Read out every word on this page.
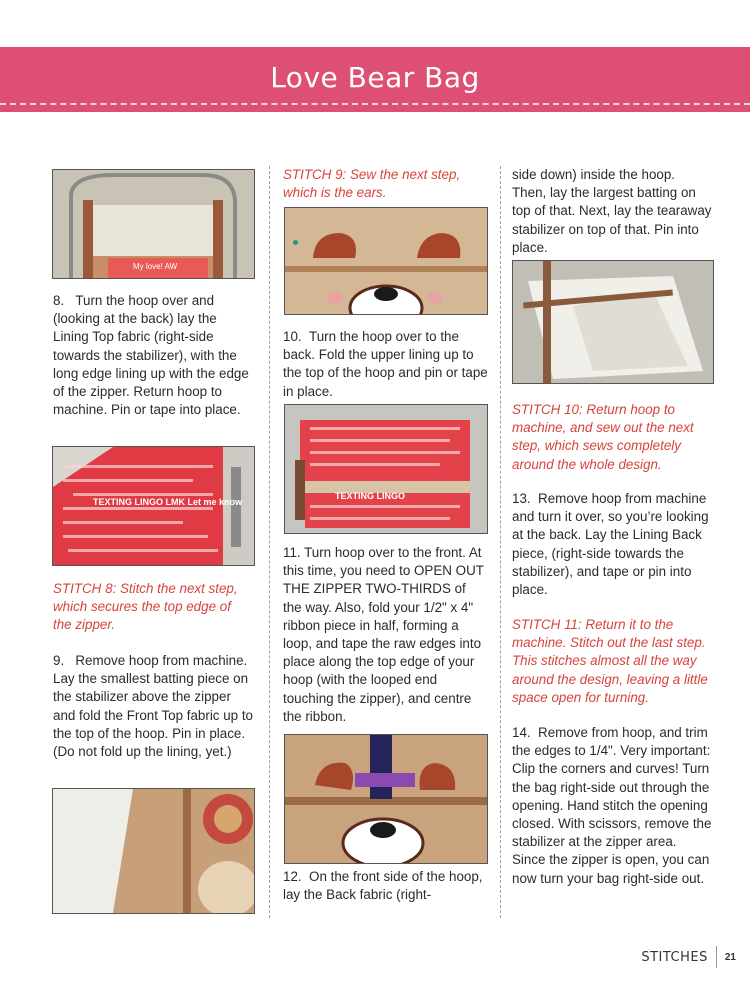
Love Bear Bag
My love! AW
TEXTING LINGO LMK Let me know

8.   Turn the hoop over and (looking at the back) lay the Lining Top fabric (right-side towards the stabilizer), with the long edge lining up with the edge of the zipper. Return hoop to machine. Pin or tape into place.

STITCH 8: Stitch the next step, which secures the top edge of the zipper.

9.   Remove hoop from machine. Lay the smallest batting piece on the stabilizer above the zipper and fold the Front Top fabric up to the top of the hoop. Pin in place. (Do not fold up the lining, yet.)

STITCH 9: Sew the next step, which is the ears.

10.  Turn the hoop over to the back. Fold the upper lining up to the top of the hoop and pin or tape in place.

11. Turn hoop over to the front. At this time, you need to OPEN OUT THE ZIPPER TWO-THIRDS of the way. Also, fold your 1/2" x 4" ribbon piece in half, forming a loop, and tape the raw edges into place along the top edge of your hoop (with the looped end touching the zipper), and centre the ribbon.

12.  On the front side of the hoop, lay the Back fabric (right-

TEXTING LINGO

side down) inside the hoop. Then, lay the largest batting on top of that. Next, lay the tearaway stabilizer on top of that. Pin into place.

STITCH 10: Return hoop to machine, and sew out the next step, which sews completely around the whole design.

13.  Remove hoop from machine and turn it over, so you’re looking at the back. Lay the Lining Back piece, (right-side towards the stabilizer), and tape or pin into place.

STITCH 11: Return it to the machine. Stitch out the last step. This stitches almost all the way around the design, leaving a little space open for turning.

14.  Remove from hoop, and trim the edges to 1/4". Very important: Clip the corners and curves! Turn the bag right-side out through the opening. Hand stitch the opening closed. With scissors, remove the stabilizer at the zipper area. Since the zipper is open, you can now turn your bag right-side out.

STITCHES 21
